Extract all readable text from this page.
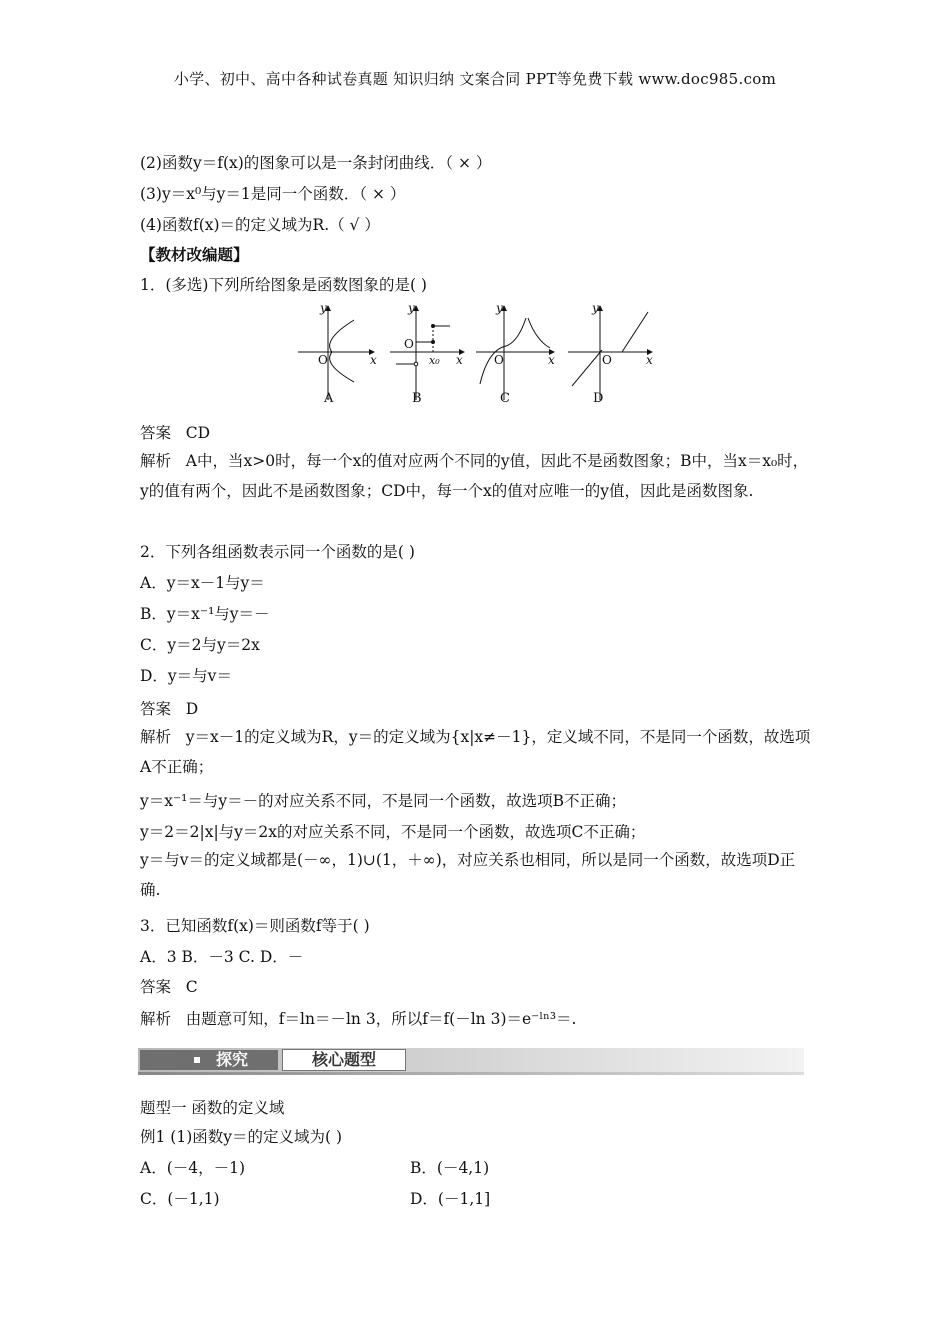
小学、初中、高中各种试卷真题 知识归纳 文案合同 PPT等免费下载 www.doc985.com
(2)函数y＝f(x)的图象可以是一条封闭曲线．（ × ）
(3)y＝x⁰与y＝1是同一个函数．（ × ）
(4)函数f(x)＝的定义域为R.（ √ ）
【教材改编题】
1．(多选)下列所给图象是函数图象的是( )
y
x
O
y
x
O
x₀
y
x
O
y
x
O
A	B	C	D
答案 CD
解析 A中，当x>0时，每一个x的值对应两个不同的y值，因此不是函数图象；B中，当x＝x₀时，y的值有两个，因此不是函数图象；CD中，每一个x的值对应唯一的y值，因此是函数图象.
2．下列各组函数表示同一个函数的是( )
A．y＝x－1与y＝
B．y＝x⁻¹与y＝－
C．y＝2与y＝2x
D．y＝与v＝
答案 D
解析 y＝x－1的定义域为R，y＝的定义域为{x|x≠－1}，定义域不同，不是同一个函数，故选项A不正确；
y＝x⁻¹＝与y＝－的对应关系不同，不是同一个函数，故选项B不正确；
y＝2＝2|x|与y＝2x的对应关系不同，不是同一个函数，故选项C不正确；
y＝与v＝的定义域都是(－∞，1)∪(1，＋∞)，对应关系也相同，所以是同一个函数，故选项D正确.
3．已知函数f(x)＝则函数f等于( )
A．3 B．－3 C. D．－
答案 C
解析 由题意可知，f＝ln＝－ln 3，所以f＝f(－ln 3)＝e⁻ˡⁿ³＝.
探究	核心题型
题型一 函数的定义域
例1 (1)函数y＝的定义域为( )
A．(－4，－1)	B．(－4,1)
C．(－1,1)	D．(－1,1]
